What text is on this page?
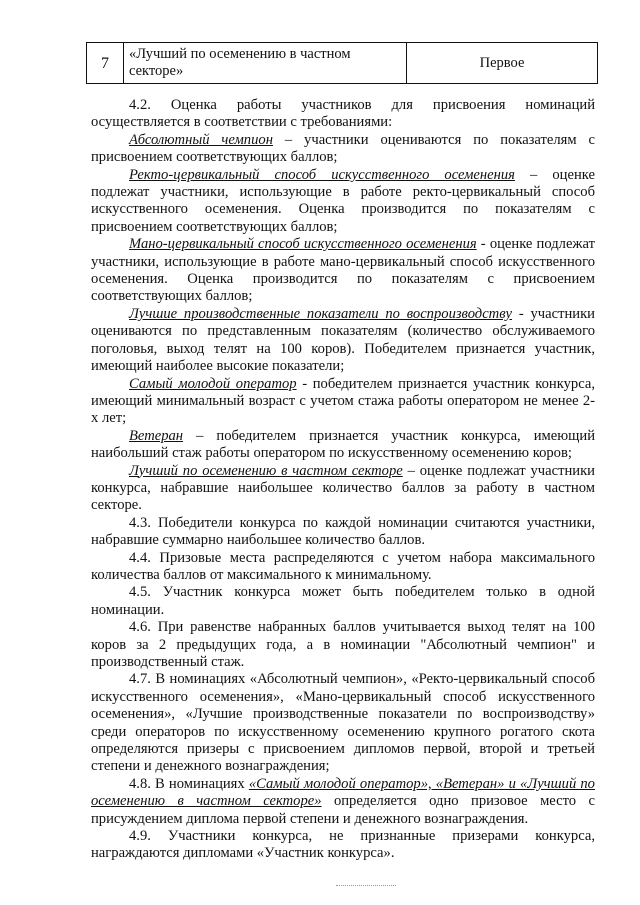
7	«Лучший по осеменению в частном секторе»	Первое

4.2. Оценка работы участников для присвоения номинаций осуществляется в соответствии с требованиями:

Абсолютный чемпион – участники оцениваются по показателям с присвоением соответствующих баллов;

Ректо-цервикальный способ искусственного осеменения – оценке подлежат участники, использующие в работе ректо-цервикальный способ искусственного осеменения. Оценка производится по показателям с присвоением соответствующих баллов;

Мано-цервикальный способ искусственного осеменения - оценке подлежат участники, использующие в работе мано-цервикальный способ искусственного осеменения. Оценка производится по показателям с присвоением соответствующих баллов;

Лучшие производственные показатели по воспроизводству - участники оцениваются по представленным показателям (количество обслуживаемого поголовья, выход телят на 100 коров). Победителем признается участник, имеющий наиболее высокие показатели;

Самый молодой оператор - победителем признается участник конкурса, имеющий минимальный возраст с учетом стажа работы оператором не менее 2- х лет;

Ветеран – победителем признается участник конкурса, имеющий наибольший стаж работы оператором по искусственному осеменению коров;

Лучший по осеменению в частном секторе – оценке подлежат участники конкурса, набравшие наибольшее количество баллов за работу в частном секторе.

4.3. Победители конкурса по каждой номинации считаются участники, набравшие суммарно наибольшее количество баллов.

4.4. Призовые места распределяются с учетом набора максимального количества баллов от максимального к минимальному.

4.5. Участник конкурса может быть победителем только в одной номинации.

4.6. При равенстве набранных баллов учитывается выход телят на 100 коров за 2 предыдущих года, а в номинации "Абсолютный чемпион" и производственный стаж.

4.7. В номинациях «Абсолютный чемпион», «Ректо-цервикальный способ искусственного осеменения», «Мано-цервикальный способ искусственного осеменения», «Лучшие производственные показатели по воспроизводству» среди операторов по искусственному осеменению крупного рогатого скота определяются призеры с присвоением дипломов первой, второй и третьей степени и денежного вознаграждения;

4.8. В номинациях «Самый молодой оператор», «Ветеран» и «Лучший по осеменению в частном секторе» определяется одно призовое место с присуждением диплома первой степени и денежного вознаграждения.

4.9. Участники конкурса, не признанные призерами конкурса, награждаются дипломами «Участник конкурса».
